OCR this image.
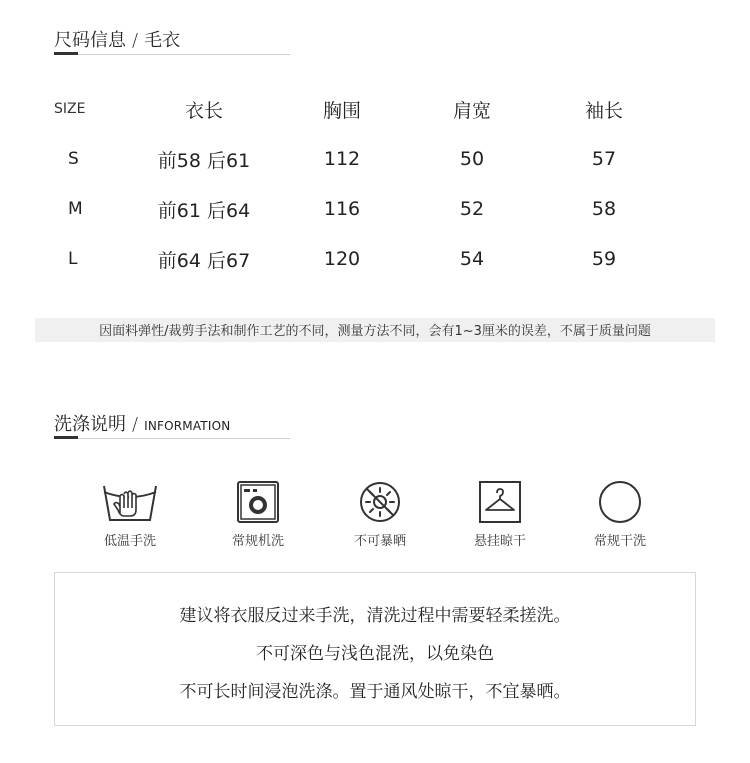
尺码信息 / 毛衣
SIZE	衣长	胸围	肩宽	袖长
S	前58 后61	112	50	57
M	前61 后64	116	52	58
L	前64 后67	120	54	59
因面料弹性/裁剪手法和制作工艺的不同，测量方法不同，会有1~3厘米的误差，不属于质量问题
洗涤说明 / INFORMATION
低温手洗	常规机洗	不可暴晒	悬挂晾干	常规干洗
建议将衣服反过来手洗，清洗过程中需要轻柔搓洗。
不可深色与浅色混洗，以免染色
不可长时间浸泡洗涤。置于通风处晾干，不宜暴晒。
